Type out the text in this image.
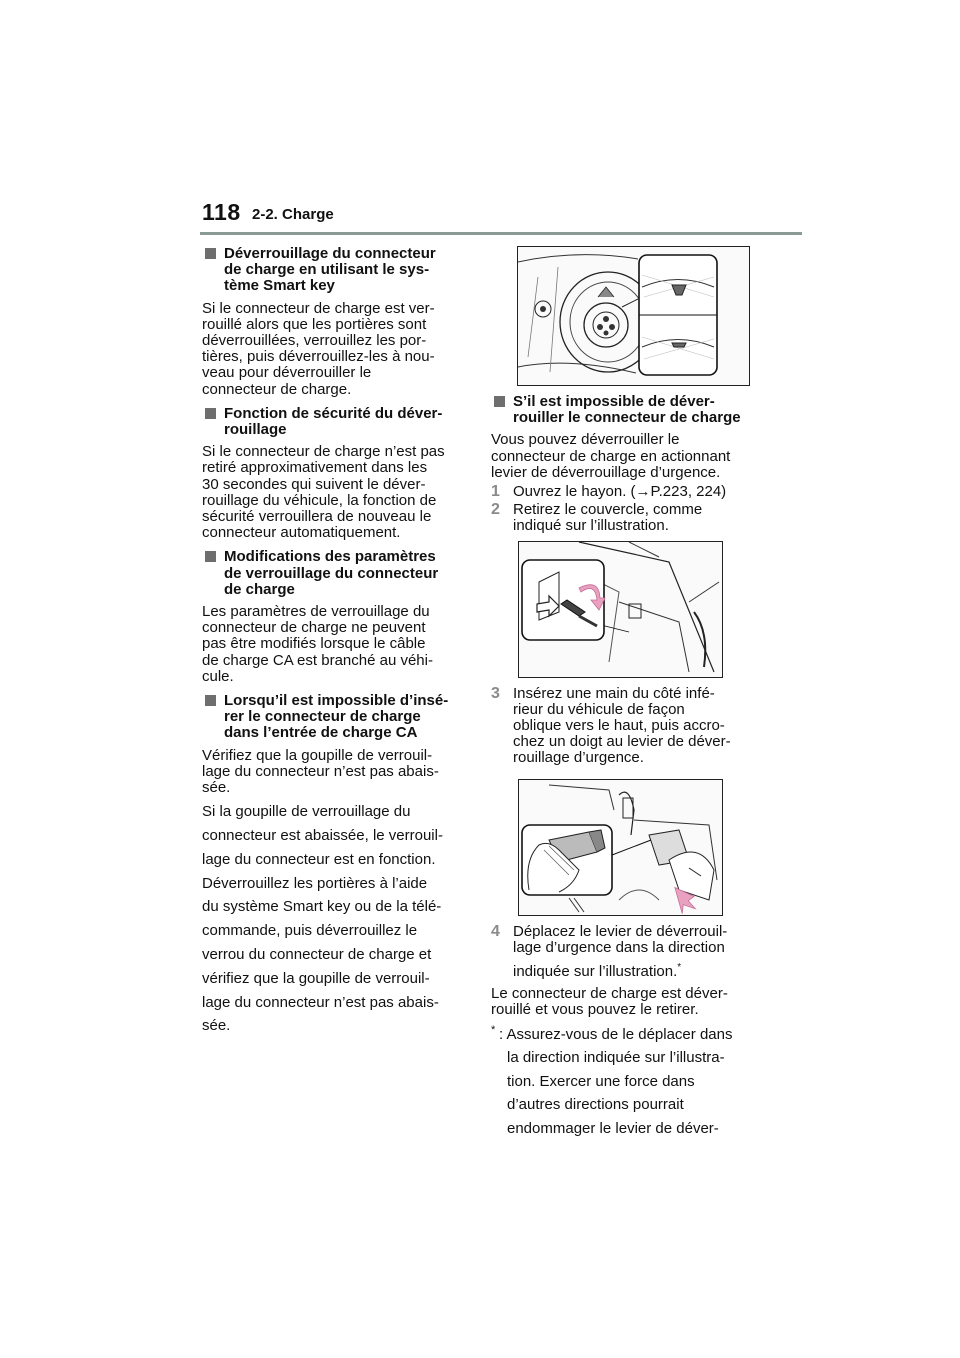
118 2-2. Charge
Déverrouillage du connecteur
de charge en utilisant le sys-
tème Smart key
Si le connecteur de charge est ver-
rouillé alors que les portières sont
déverrouillées, verrouillez les por-
tières, puis déverrouillez-les à nou-
veau pour déverrouiller le
connecteur de charge.
Fonction de sécurité du déver-
rouillage
Si le connecteur de charge n’est pas
retiré approximativement dans les
30 secondes qui suivent le déver-
rouillage du véhicule, la fonction de
sécurité verrouillera de nouveau le
connecteur automatiquement.
Modifications des paramètres
de verrouillage du connecteur
de charge
Les paramètres de verrouillage du
connecteur de charge ne peuvent
pas être modifiés lorsque le câble
de charge CA est branché au véhi-
cule.
Lorsqu’il est impossible d’insé-
rer le connecteur de charge
dans l’entrée de charge CA
Vérifiez que la goupille de verrouil-
lage du connecteur n’est pas abais-
sée.
Si la goupille de verrouillage du
connecteur est abaissée, le verrouil-
lage du connecteur est en fonction.
Déverrouillez les portières à l’aide
du système Smart key ou de la télé-
commande, puis déverrouillez le
verrou du connecteur de charge et
vérifiez que la goupille de verrouil-
lage du connecteur n’est pas abais-
sée.
S’il est impossible de déver-
rouiller le connecteur de charge
Vous pouvez déverrouiller le
connecteur de charge en actionnant
levier de déverrouillage d’urgence.
1 Ouvrez le hayon. (→P.223, 224)
2 Retirez le couvercle, comme
indiqué sur l’illustration.
3 Insérez une main du côté infé-
rieur du véhicule de façon
oblique vers le haut, puis accro-
chez un doigt au levier de déver-
rouillage d’urgence.
4 Déplacez le levier de déverrouil-
lage d’urgence dans la direction
indiquée sur l’illustration.*
Le connecteur de charge est déver-
rouillé et vous pouvez le retirer.
* : Assurez-vous de le déplacer dans
la direction indiquée sur l’illustra-
tion. Exercer une force dans
d’autres directions pourrait
endommager le levier de déver-
